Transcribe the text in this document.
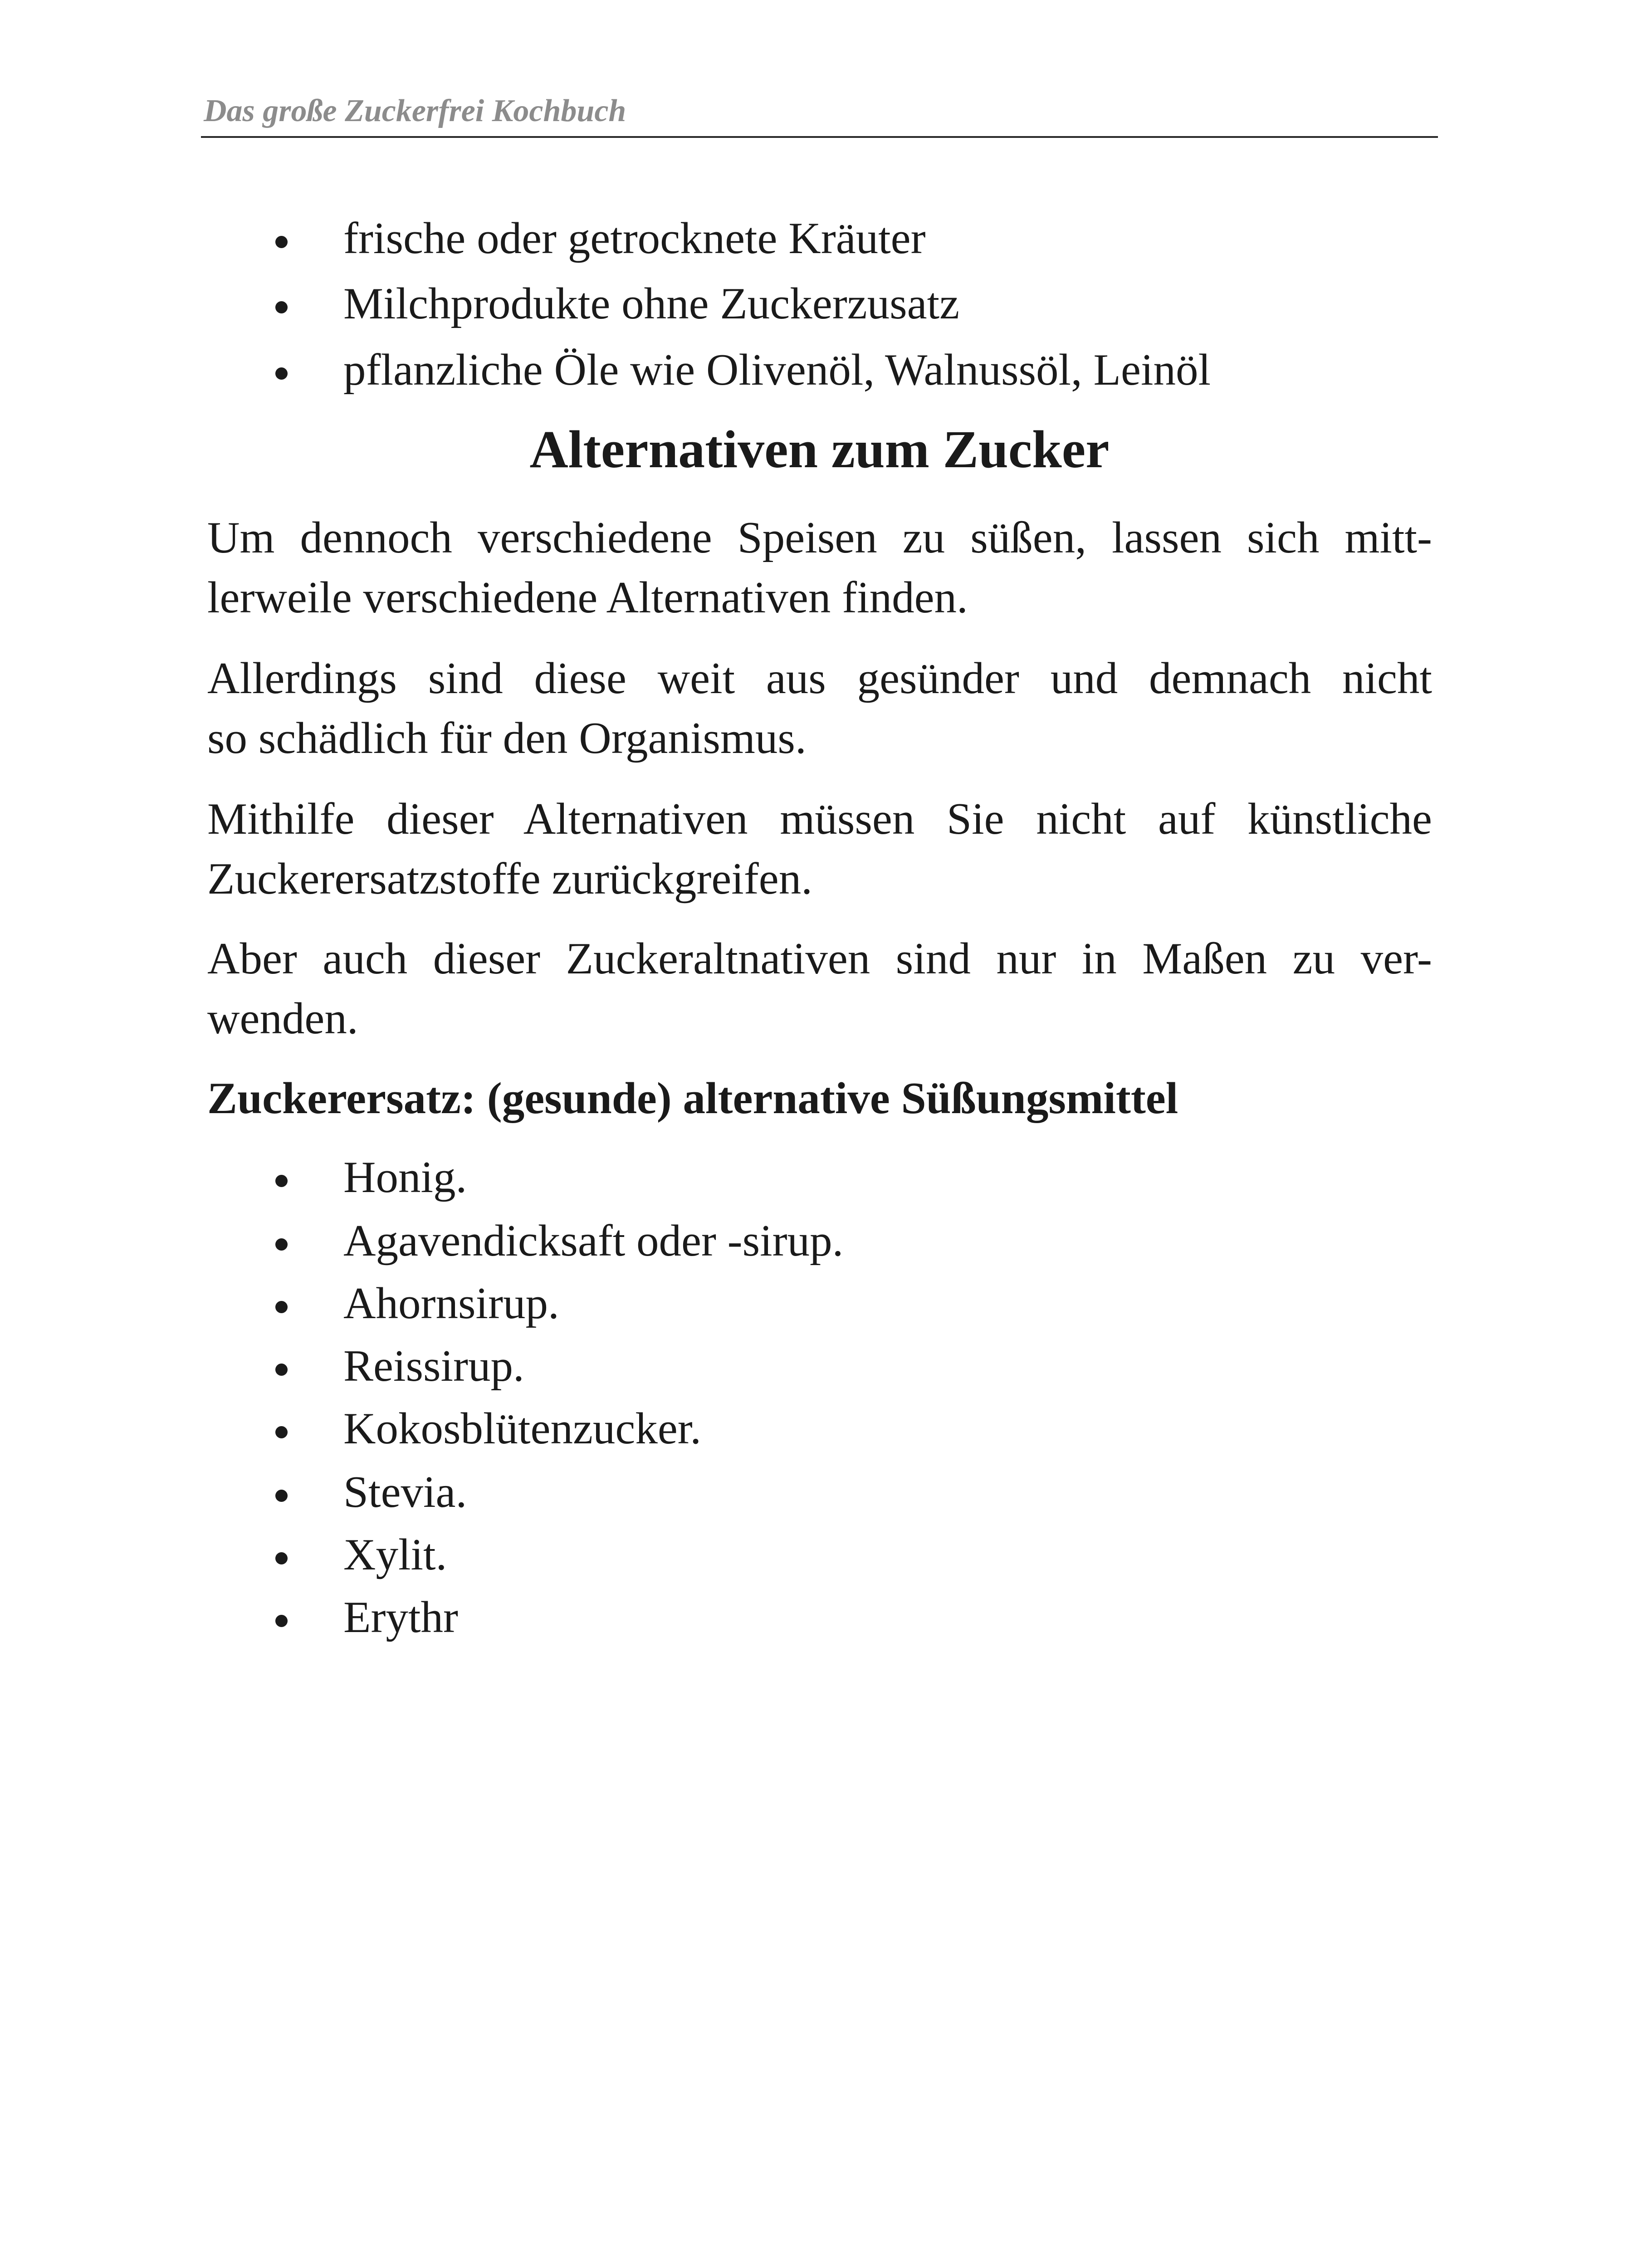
Das große Zuckerfrei Kochbuch
frische oder getrocknete Kräuter
Milchprodukte ohne Zuckerzusatz
pflanzliche Öle wie Olivenöl, Walnussöl, Leinöl
Alternativen zum Zucker
Um dennoch verschiedene Speisen zu süßen, lassen sich mitt-
lerweile verschiedene Alternativen finden.
Allerdings sind diese weit aus gesünder und demnach nicht
so schädlich für den Organismus.
Mithilfe dieser Alternativen müssen Sie nicht auf künstliche
Zuckerersatzstoffe zurückgreifen.
Aber auch dieser Zuckeraltnativen sind nur in Maßen zu ver-
wenden.
Zuckerersatz: (gesunde) alternative Süßungsmittel
Honig.
Agavendicksaft oder -sirup.
Ahornsirup.
Reissirup.
Kokosblütenzucker.
Stevia.
Xylit.
Erythr
